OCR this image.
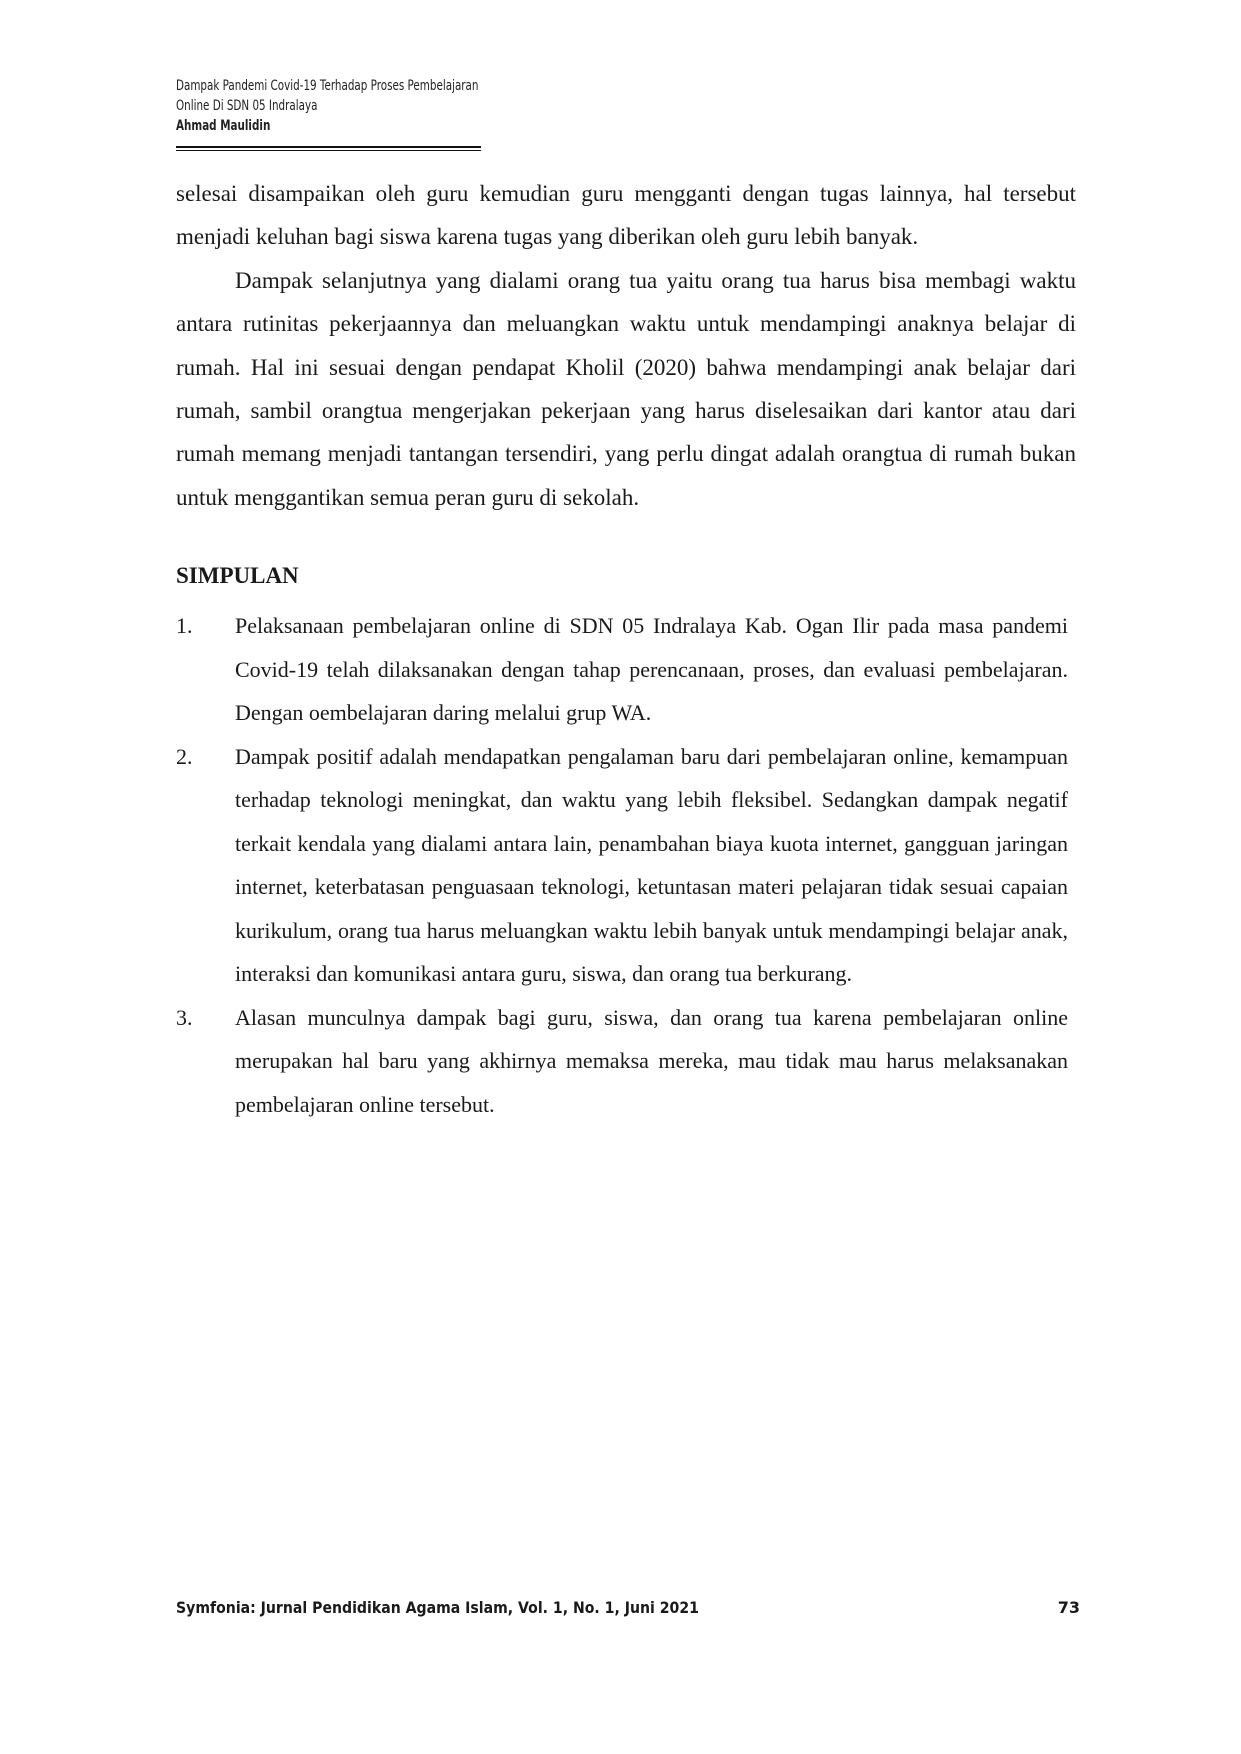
Dampak Pandemi Covid-19 Terhadap Proses Pembelajaran
Online Di SDN 05 Indralaya
Ahmad Maulidin

selesai disampaikan oleh guru kemudian guru mengganti dengan tugas lainnya, hal tersebut menjadi keluhan bagi siswa karena tugas yang diberikan oleh guru lebih banyak.

Dampak selanjutnya yang dialami orang tua yaitu orang tua harus bisa membagi waktu antara rutinitas pekerjaannya dan meluangkan waktu untuk mendampingi anaknya belajar di rumah. Hal ini sesuai dengan pendapat Kholil (2020) bahwa mendampingi anak belajar dari rumah, sambil orangtua mengerjakan pekerjaan yang harus diselesaikan dari kantor atau dari rumah memang menjadi tantangan tersendiri, yang perlu dingat adalah orangtua di rumah bukan untuk menggantikan semua peran guru di sekolah.

SIMPULAN
1. Pelaksanaan pembelajaran online di SDN 05 Indralaya Kab. Ogan Ilir pada masa pandemi Covid-19 telah dilaksanakan dengan tahap perencanaan, proses, dan evaluasi pembelajaran. Dengan oembelajaran daring melalui grup WA.
2. Dampak positif adalah mendapatkan pengalaman baru dari pembelajaran online, kemampuan terhadap teknologi meningkat, dan waktu yang lebih fleksibel. Sedangkan dampak negatif terkait kendala yang dialami antara lain, penambahan biaya kuota internet, gangguan jaringan internet, keterbatasan penguasaan teknologi, ketuntasan materi pelajaran tidak sesuai capaian kurikulum, orang tua harus meluangkan waktu lebih banyak untuk mendampingi belajar anak, interaksi dan komunikasi antara guru, siswa, dan orang tua berkurang.
3. Alasan munculnya dampak bagi guru, siswa, dan orang tua karena pembelajaran online merupakan hal baru yang akhirnya memaksa mereka, mau tidak mau harus melaksanakan pembelajaran online tersebut.
Symfonia: Jurnal Pendidikan Agama Islam, Vol. 1, No. 1, Juni 2021	73
